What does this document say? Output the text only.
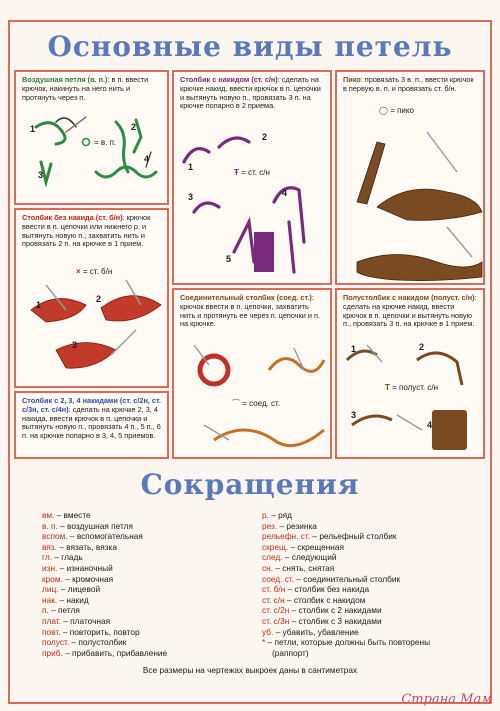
Основные виды петель
Воздушная петля (в. п.): в п. ввести крючок, накинуть на него нить и протянуть через п.
1	2
3
4
= в. п.
Столбик без накида (ст. б/н): крючок ввести в п. цепочки или нижнего р. и вытянуть новую п., захватить нить и провязать 2 п. на крючке в 1 прием.
× = ст. б/н
1
2
3
Столбик с 2, 3, 4 накидами (ст. с/2н, ст. с/3н, ст. с/4н): сделать на крючке 2, 3, 4 накида, ввести крючок в п. цепочки и вытянуть новую п., провязать 4 п., 5 п., 6 п. на крючке попарно в 3, 4, 5 приемов.
Столбик с накидом (ст. с/н): сделать на крючке накид, ввести крючок в п. цепочки и вытянуть новую п., провязать 3 п. на крючке попарно в 2 приема.
Ŧ = ст. с/н
1
2
3	4
5
Соединительный столбик (соед. ст.): крючок ввести в п. цепочки, захватить нить и протянуть ее через п. цепочки и п. на крючке.
⌒ = соед. ст.
Пико: провязать 3 в. п., ввести крючок в первую в. п. и провязать ст. б/н.
◯ = пико
Полустолбик с накидом (полуст. с/н): сделать на крючке накид, ввести крючок в п. цепочки и вытянуть новую п., провязать 3 п. на крючке в 1 прием.
T = полуст. с/н
1	2
3
4
Сокращения
вм. – вместе
в. п. – воздушная петля
вспом. – вспомогательная
вяз. – вязать, вязка
гл. – гладь
изн. – изнаночный
кром. – кромочная
лиц. – лицевой
нак. – накид
п. – петля
плат. – платочная
повт. – повторить, повтор
полуст. – полустолбик
приб. – прибавить, прибавление
р. – ряд
рез. – резинка
рельефн. ст. – рельефный столбик
скрещ. – скрещенная
след. – следующий
сн. – снять, снятая
соед. ст. – соединительный столбик
ст. б/н – столбик без накида
ст. с/н – столбик с накидом
ст. с/2н – столбик с 2 накидами
ст. с/3н – столбик с 3 накидами
уб. – убавить, убавление
* – петли, которые должны быть повторены
(раппорт)
Все размеры на чертежах выкроек даны в сантиметрах
Страна Мам
